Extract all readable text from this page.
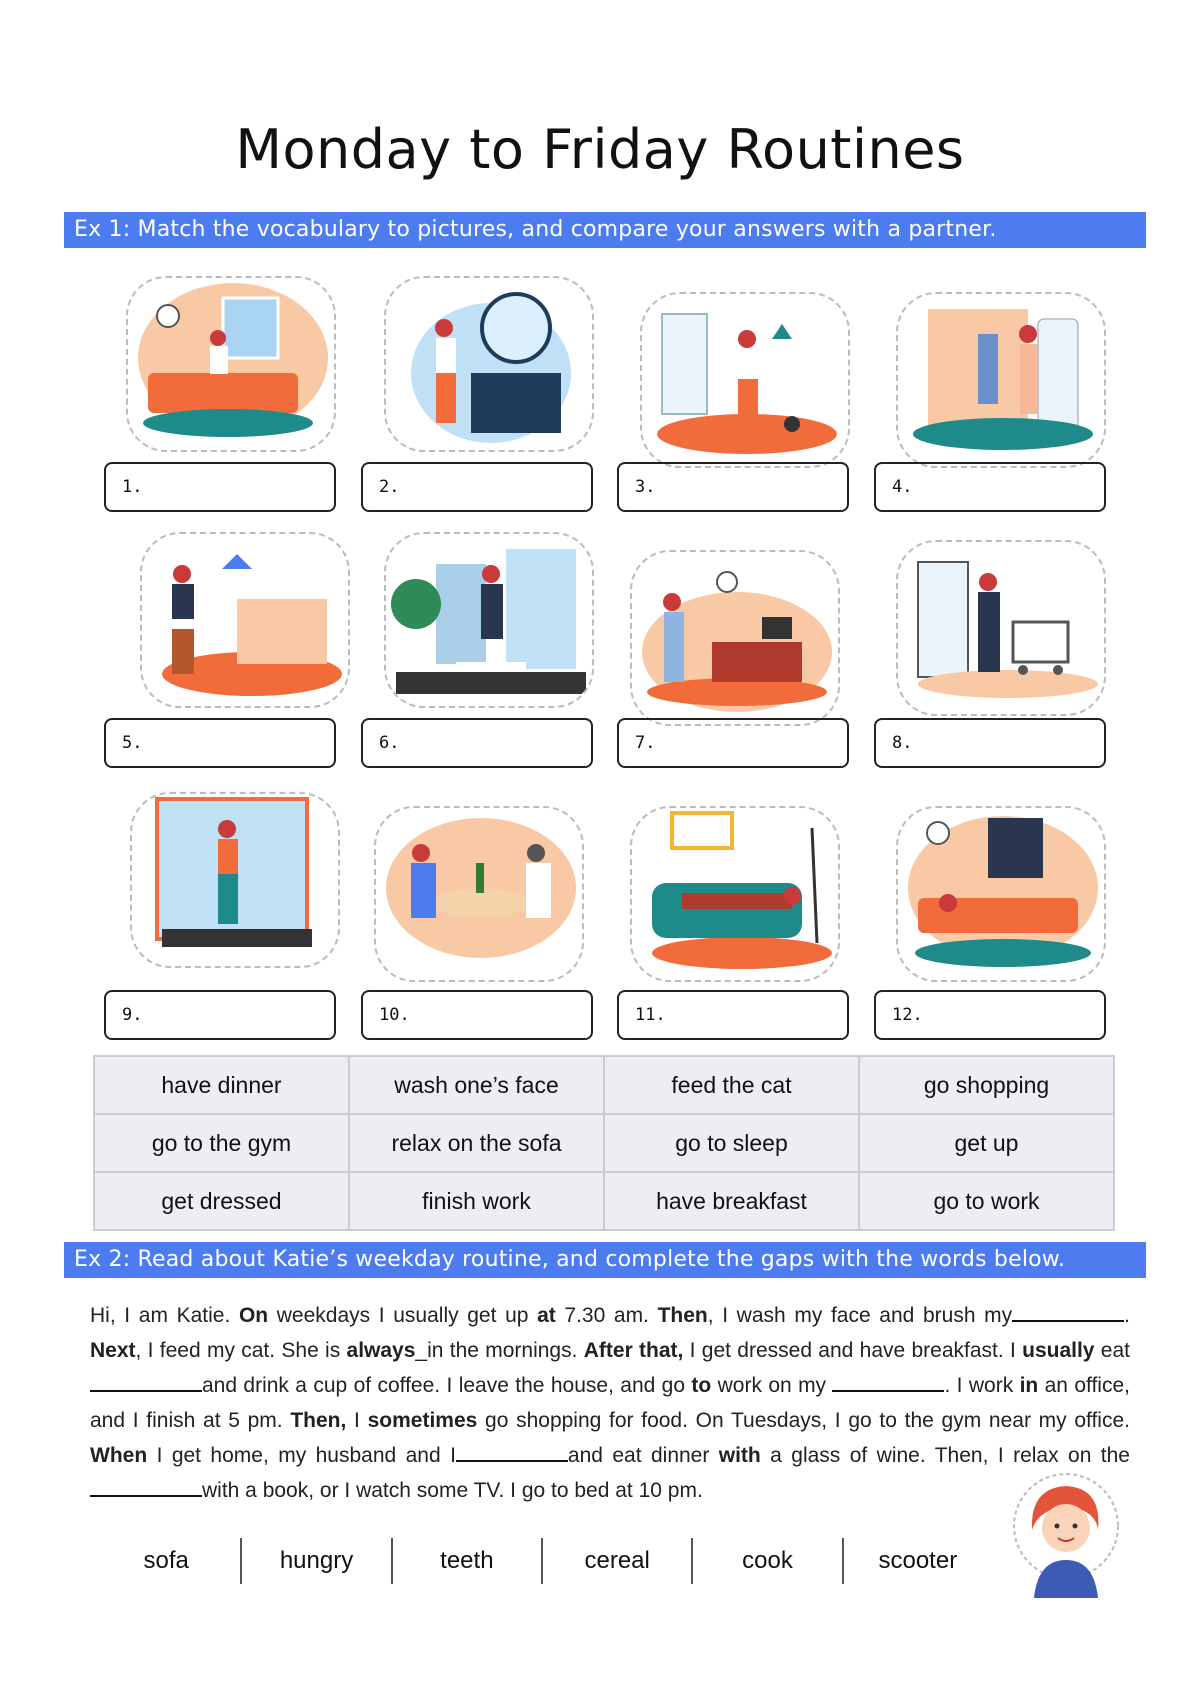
Monday to Friday Routines
Ex 1: Match the vocabulary to pictures, and compare your answers with a partner.
1.	2.	3.	4.
5.	6.	7.	8.
9.	10.	11.	12.
have dinner	wash one’s face	feed the cat	go shopping
go to the gym	relax on the sofa	go to sleep	get up
get dressed	finish work	have breakfast	go to work
Ex 2: Read about Katie’s weekday routine, and complete the gaps with the words below.
Hi, I am Katie. On weekdays I usually get up at 7.30 am. Then, I wash my face and brush my	. Next, I feed my cat. She is always_in the mornings. After that, I get dressed and have breakfast. I usually eatand drink a cup of coffee. I leave the house, and go to work on my	. I work in an office, and I finish at 5 pm. Then, I sometimes go shopping for food. On Tuesdays, I go to the gym near my office. When I get home, my husband and I	and eat dinner with a glass of wine. Then, I relax on thewith a book, or I watch some TV. I go to bed at 10 pm.
sofa	hungry	teeth	cereal	cook	scooter
